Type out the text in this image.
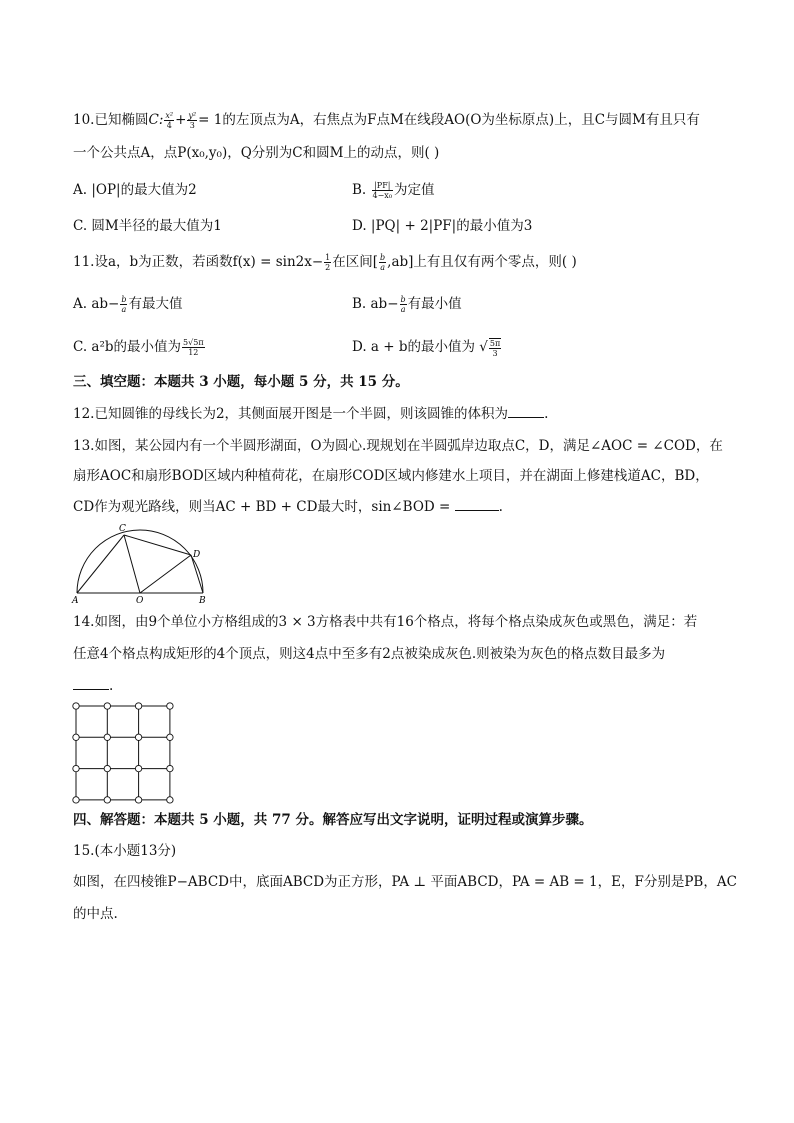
10.已知椭圆C: $\frac{\text{x²}}{4} + \frac{\text{y²}}{3} = 1$的左顶点为A，右焦点为F点M在线段AO(O为坐标原点)上，且C与圆M有且只有
一个公共点A，点P(x₀,y₀)，Q分别为C和圆M上的动点，则( )
A. |OP|的最大值为2	B. $\frac{|PF|}{\text{4−x₀}}$ 为定值
C. 圆M半径的最大值为1	D. |PQ| + 2|PF|的最小值为3
11.设a，b为正数，若函数$f(x) = \sin 2x- \frac{1}{2}$ 在区间[ $\frac{b}{a} ,ab$]上有且仅有两个零点，则( )
A. $ab- \frac{b}{a}$ 有最大值	B. $ab- \frac{b}{a}$ 有最小值
C. a²b的最小值为 $\frac{5√5\pi}{12}$	D. a + b的最小值为 √ $\frac{5\pi}{3}$
三、填空题：本题共 3 小题，每小题 5 分，共 15 分。
12.已知圆锥的母线长为2，其侧面展开图是一个半圆，则该圆锥的体积为	.
13.如图，某公园内有一个半圆形湖面，O为圆心.现规划在半圆弧岸边取点C，D，满足∠AOC = ∠COD，在
扇形AOC和扇形BOD区域内种植荷花，在扇形COD区域内修建水上项目，并在湖面上修建栈道AC，BD，
CD作为观光路线，则当AC + BD + CD最大时，sin∠BOD =	.
A	B
C
D
O
14.如图，由9个单位小方格组成的3 × 3方格表中共有16个格点，将每个格点染成灰色或黑色，满足：若
任意4个格点构成矩形的4个顶点，则这4点中至多有2点被染成灰色.则被染为灰色的格点数目最多为
.
四、解答题：本题共 5 小题，共 77 分。解答应写出文字说明，证明过程或演算步骤。
15.(本小题13分)
如图，在四棱锥P−ABCD中，底面ABCD为正方形，PA ⊥ 平面ABCD，PA = AB = 1，E，F分别是PB，AC
的中点.
